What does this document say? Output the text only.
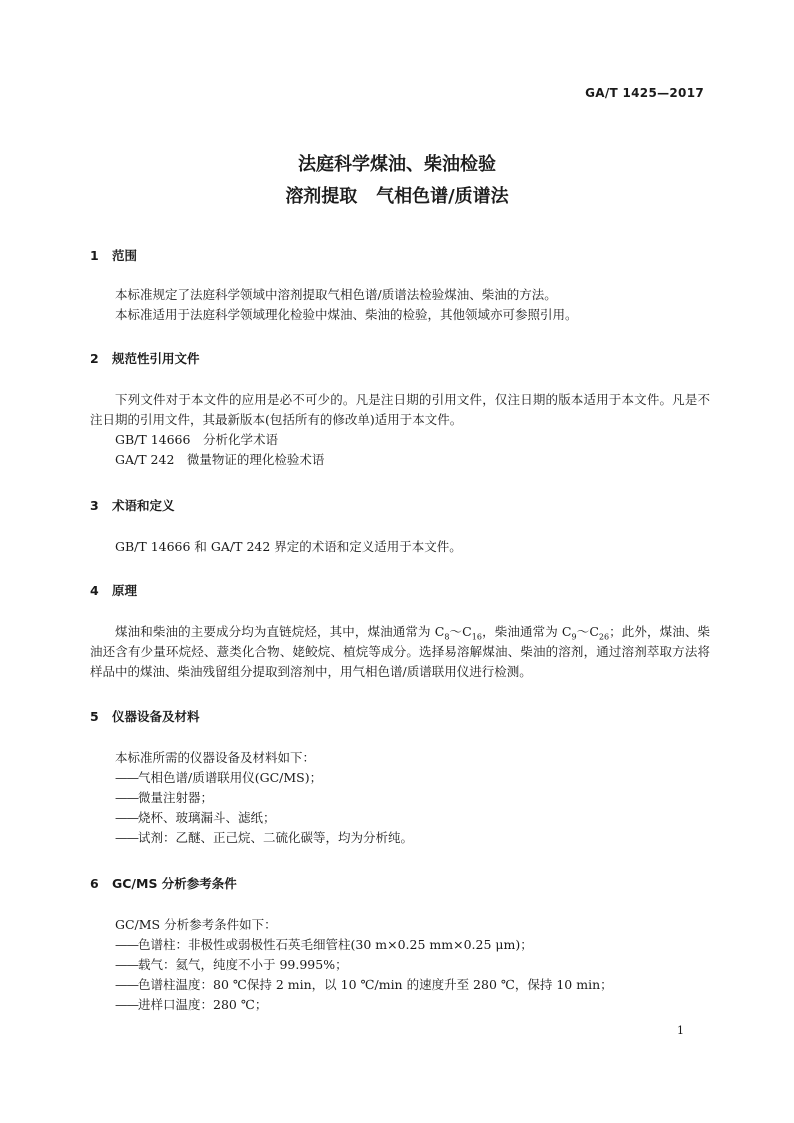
GA/T 1425—2017
法庭科学煤油、柴油检验
溶剂提取   气相色谱/质谱法
1 范围

本标准规定了法庭科学领域中溶剂提取气相色谱/质谱法检验煤油、柴油的方法。

本标准适用于法庭科学领域理化检验中煤油、柴油的检验，其他领域亦可参照引用。

2 规范性引用文件

下列文件对于本文件的应用是必不可少的。凡是注日期的引用文件，仅注日期的版本适用于本文件。凡是不注日期的引用文件，其最新版本(包括所有的修改单)适用于本文件。

GB/T 14666　分析化学术语

GA/T 242　微量物证的理化检验术语

3 术语和定义

GB/T 14666 和 GA/T 242 界定的术语和定义适用于本文件。

4 原理

煤油和柴油的主要成分均为直链烷烃，其中，煤油通常为 $C_8\sim C_{16}$，柴油通常为 $C_9\sim C_{26}$；此外，煤油、柴油还含有少量环烷烃、薏类化合物、姥鲛烷、植烷等成分。选择易溶解煤油、柴油的溶剂，通过溶剂萃取方法将样品中的煤油、柴油残留组分提取到溶剂中，用气相色谱/质谱联用仪进行检测。

5 仪器设备及材料

本标准所需的仪器设备及材料如下：

——气相色谱/质谱联用仪(GC/MS)；

——微量注射器；

——烧杯、玻璃漏斗、滤纸；

——试剂：乙醚、正己烷、二硫化碳等，均为分析纯。

6 GC/MS 分析参考条件

GC/MS 分析参考条件如下：

——色谱柱：非极性或弱极性石英毛细管柱(30 m×0.25 mm×0.25 μm)；

——载气：氦气，纯度不小于 99.995%；

——色谱柱温度：80 ℃保持 2 min，以 10 ℃/min 的速度升至 280 ℃，保持 10 min；

——进样口温度：280 ℃；

1
